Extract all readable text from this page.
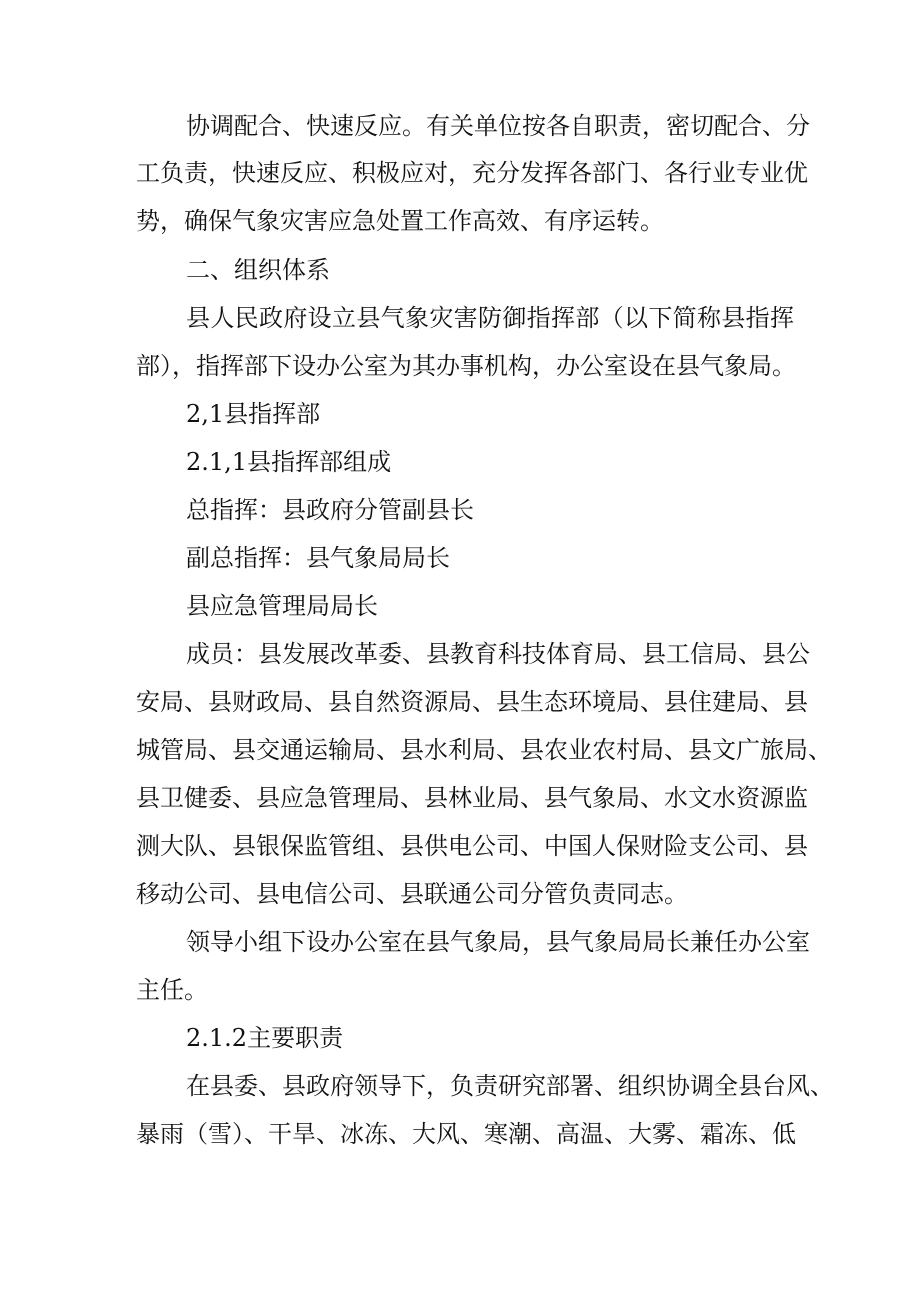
协调配合、快速反应。有关单位按各自职责，密切配合、分
工负责，快速反应、积极应对，充分发挥各部门、各行业专业优
势，确保气象灾害应急处置工作高效、有序运转。
二、组织体系
县人民政府设立县气象灾害防御指挥部（以下简称县指挥
部），指挥部下设办公室为其办事机构，办公室设在县气象局。
2,1县指挥部
2.1,1县指挥部组成
总指挥：县政府分管副县长
副总指挥：县气象局局长
县应急管理局局长
成员：县发展改革委、县教育科技体育局、县工信局、县公
安局、县财政局、县自然资源局、县生态环境局、县住建局、县
城管局、县交通运输局、县水利局、县农业农村局、县文广旅局、
县卫健委、县应急管理局、县林业局、县气象局、水文水资源监
测大队、县银保监管组、县供电公司、中国人保财险支公司、县
移动公司、县电信公司、县联通公司分管负责同志。
领导小组下设办公室在县气象局，县气象局局长兼任办公室
主任。
2.1.2主要职责
在县委、县政府领导下，负责研究部署、组织协调全县台风、
暴雨（雪）、干旱、冰冻、大风、寒潮、高温、大雾、霜冻、低
